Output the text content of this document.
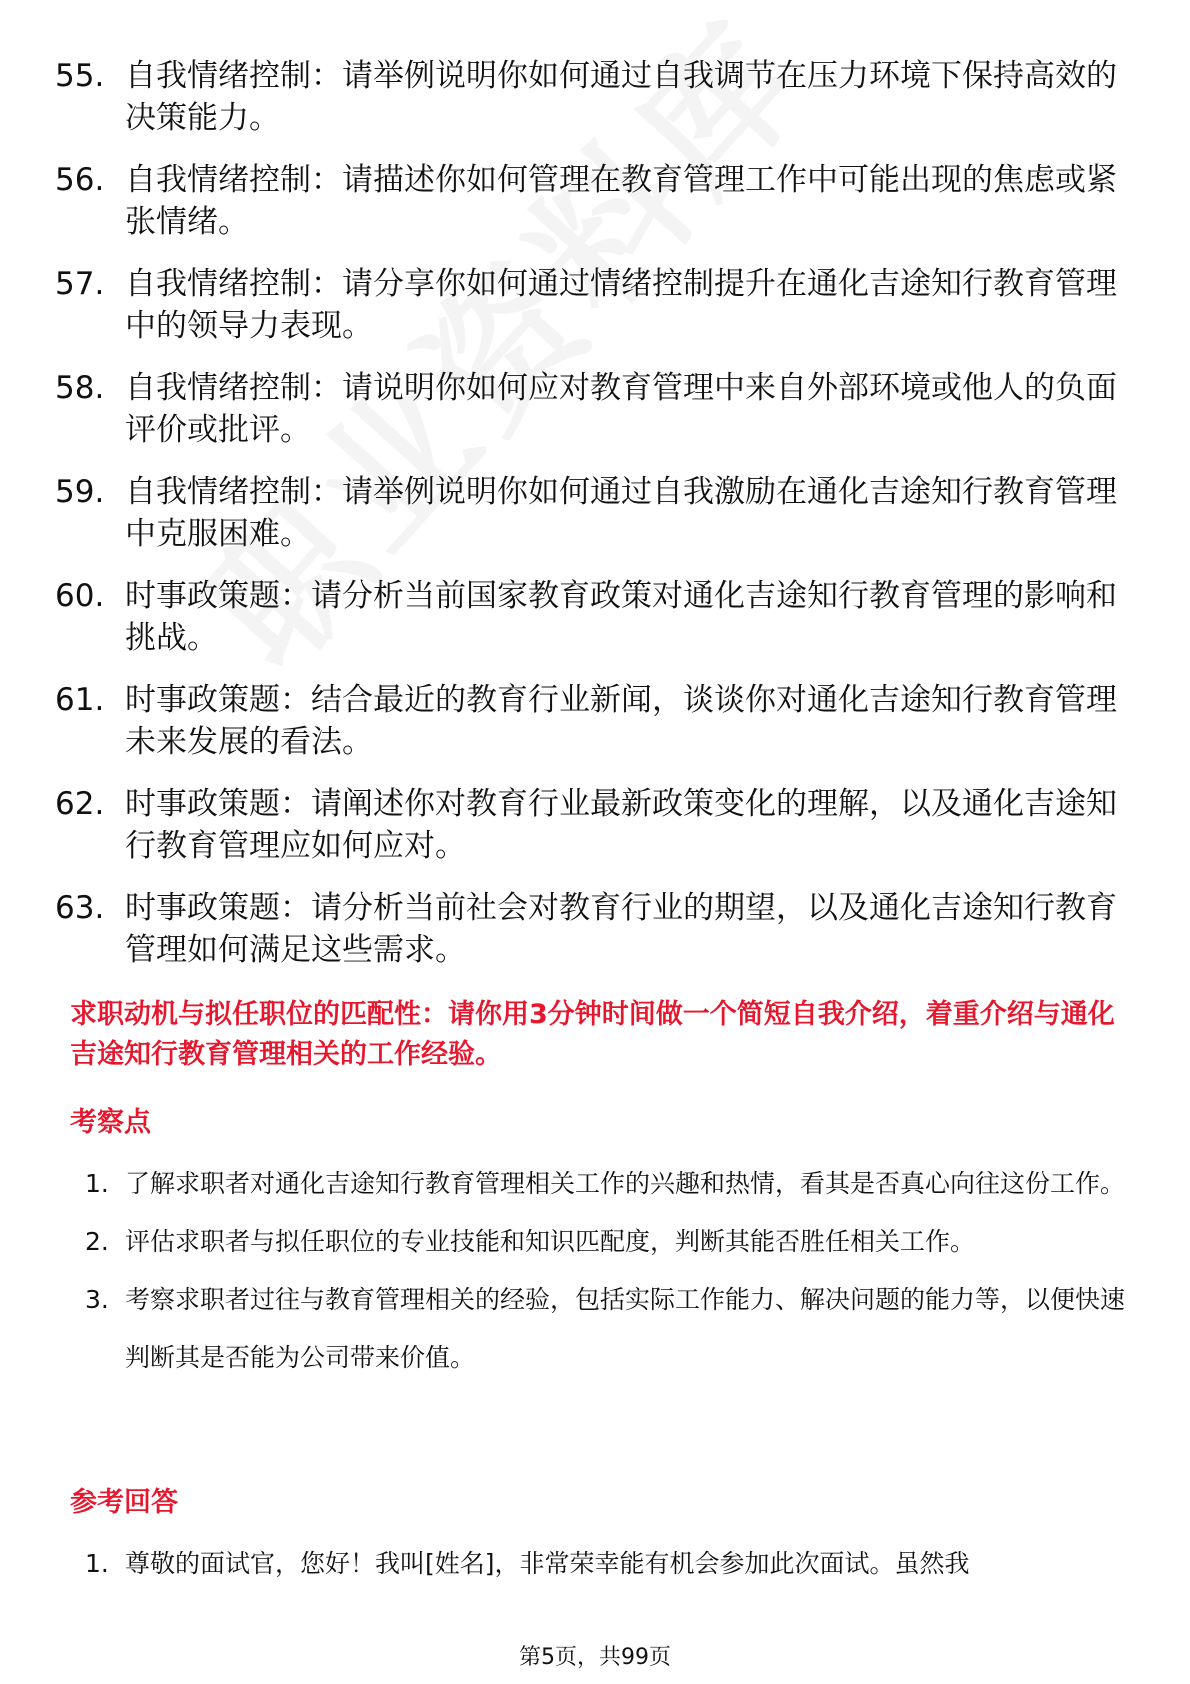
55. 自我情绪控制：请举例说明你如何通过自我调节在压力环境下保持高效的决策能力。
56. 自我情绪控制：请描述你如何管理在教育管理工作中可能出现的焦虑或紧张情绪。
57. 自我情绪控制：请分享你如何通过情绪控制提升在通化吉途知行教育管理中的领导力表现。
58. 自我情绪控制：请说明你如何应对教育管理中来自外部环境或他人的负面评价或批评。
59. 自我情绪控制：请举例说明你如何通过自我激励在通化吉途知行教育管理中克服困难。
60. 时事政策题：请分析当前国家教育政策对通化吉途知行教育管理的影响和挑战。
61. 时事政策题：结合最近的教育行业新闻，谈谈你对通化吉途知行教育管理未来发展的看法。
62. 时事政策题：请阐述你对教育行业最新政策变化的理解，以及通化吉途知行教育管理应如何应对。
63. 时事政策题：请分析当前社会对教育行业的期望，以及通化吉途知行教育管理如何满足这些需求。
求职动机与拟任职位的匹配性：请你用3分钟时间做一个简短自我介绍，着重介绍与通化吉途知行教育管理相关的工作经验。
考察点
1. 了解求职者对通化吉途知行教育管理相关工作的兴趣和热情，看其是否真心向往这份工作。
2. 评估求职者与拟任职位的专业技能和知识匹配度，判断其能否胜任相关工作。
3. 考察求职者过往与教育管理相关的经验，包括实际工作能力、解决问题的能力等，以便快速判断其是否能为公司带来价值。
参考回答
1. 尊敬的面试官，您好！我叫[姓名]，非常荣幸能有机会参加此次面试。虽然我
第5页，共99页
